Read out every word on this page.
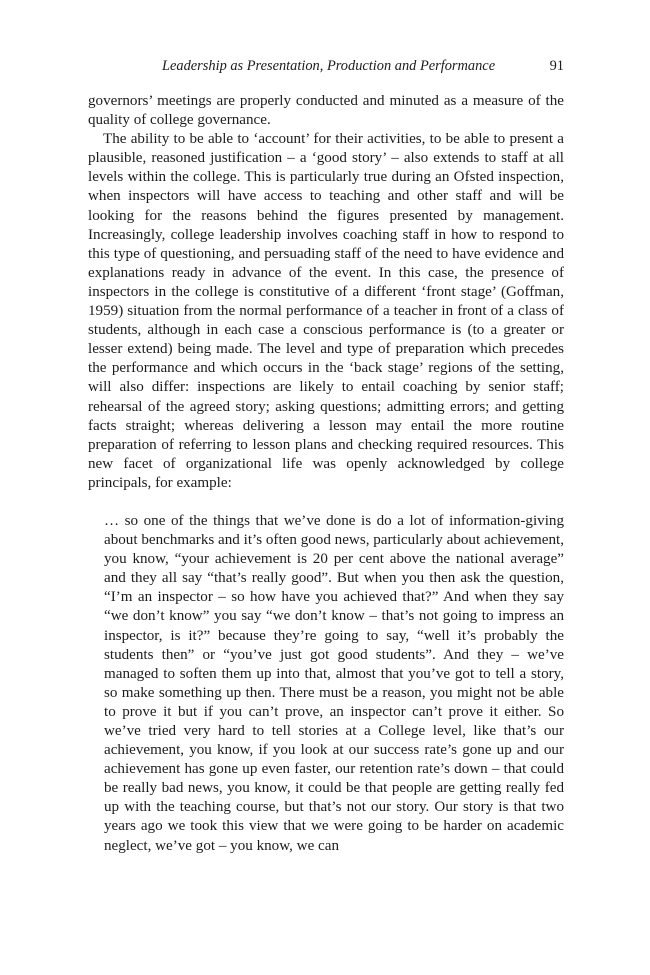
Leadership as Presentation, Production and Performance	91

governors’ meetings are properly conducted and minuted as a measure of the quality of college governance.

The ability to be able to ‘account’ for their activities, to be able to present a plausible, reasoned justification – a ‘good story’ – also extends to staff at all levels within the college. This is particularly true during an Ofsted inspection, when inspectors will have access to teaching and other staff and will be looking for the reasons behind the figures presented by management. Increasingly, college leadership involves coaching staff in how to respond to this type of questioning, and persuading staff of the need to have evidence and explanations ready in advance of the event. In this case, the presence of inspectors in the college is constitutive of a different ‘front stage’ (Goffman, 1959) situation from the normal performance of a teacher in front of a class of students, although in each case a conscious performance is (to a greater or lesser extend) being made. The level and type of preparation which precedes the performance and which occurs in the ‘back stage’ regions of the setting, will also differ: inspections are likely to entail coaching by senior staff; rehearsal of the agreed story; asking questions; admitting errors; and getting facts straight; whereas delivering a lesson may entail the more routine preparation of referring to lesson plans and checking required resources. This new facet of organizational life was openly acknowledged by college principals, for example:

… so one of the things that we’ve done is do a lot of information-giving about benchmarks and it’s often good news, particularly about achievement, you know, “your achievement is 20 per cent above the national average” and they all say “that’s really good”. But when you then ask the question, “I’m an inspector – so how have you achieved that?” And when they say “we don’t know” you say “we don’t know – that’s not going to impress an inspector, is it?” because they’re going to say, “well it’s probably the students then” or “you’ve just got good students”. And they – we’ve managed to soften them up into that, almost that you’ve got to tell a story, so make something up then. There must be a reason, you might not be able to prove it but if you can’t prove, an inspector can’t prove it either. So we’ve tried very hard to tell stories at a College level, like that’s our achievement, you know, if you look at our success rate’s gone up and our achievement has gone up even faster, our retention rate’s down – that could be really bad news, you know, it could be that people are getting really fed up with the teaching course, but that’s not our story. Our story is that two years ago we took this view that we were going to be harder on academic neglect, we’ve got – you know, we can
